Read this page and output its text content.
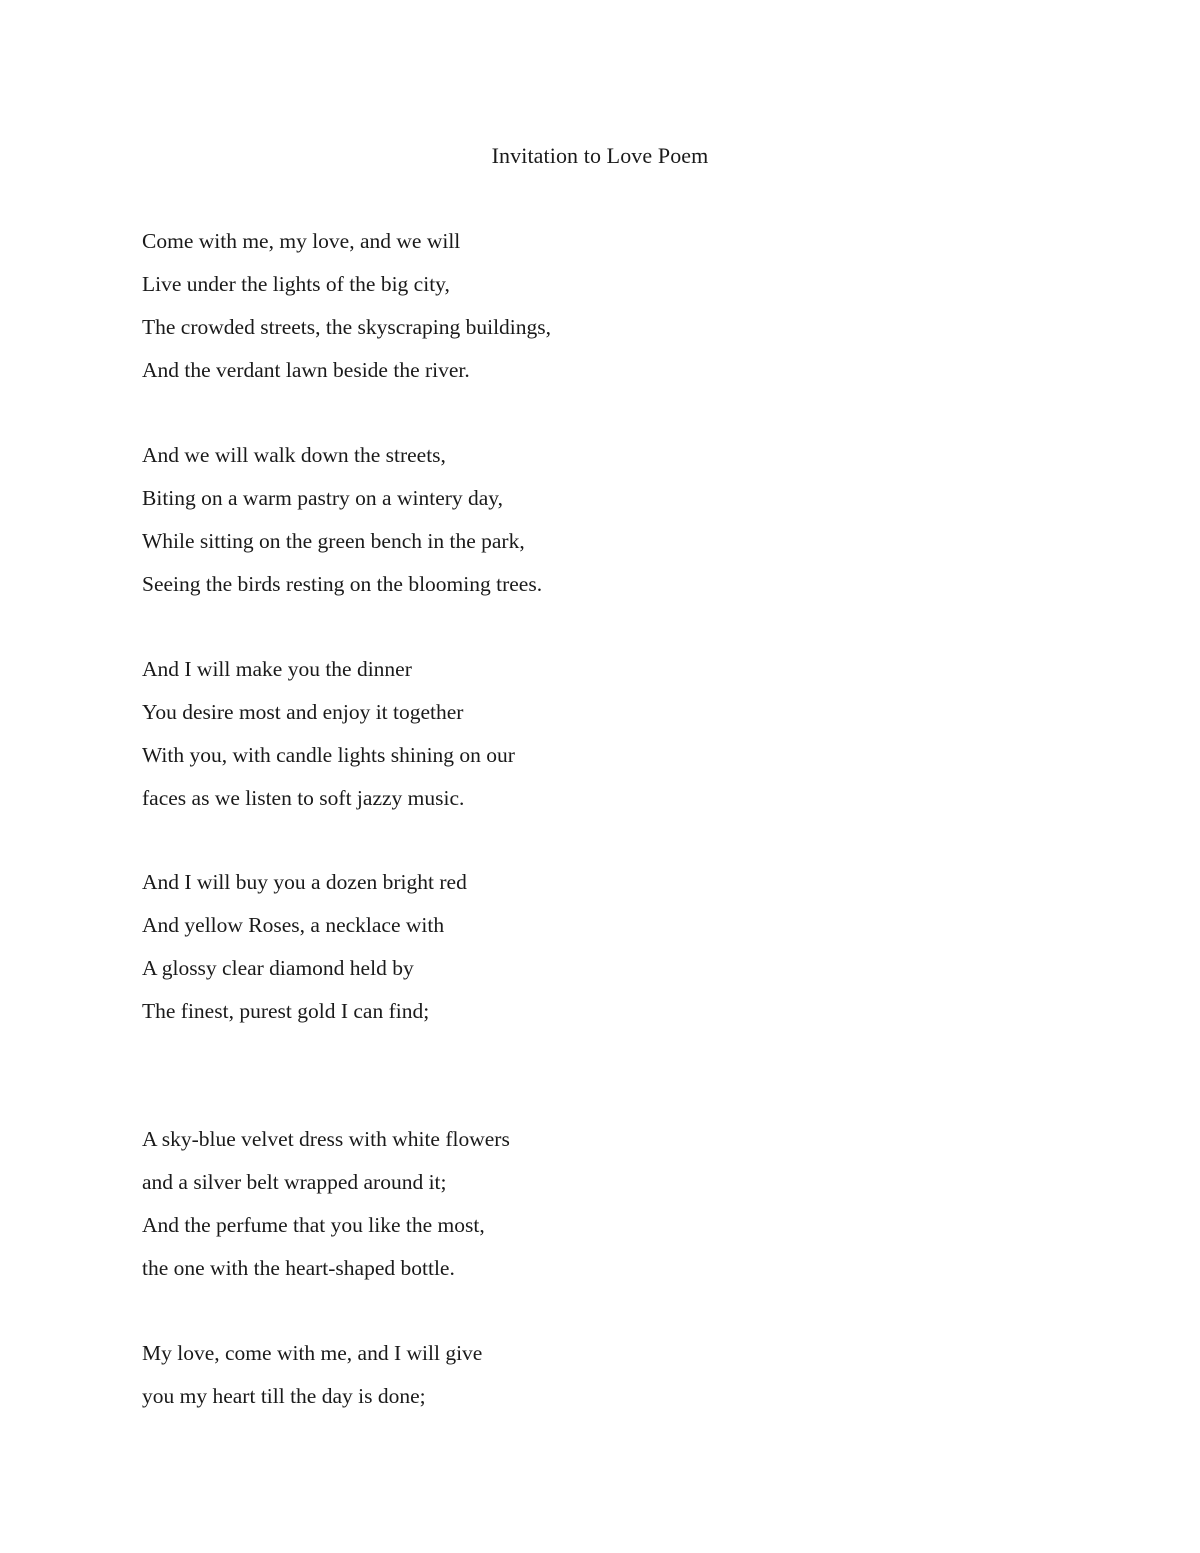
Invitation to Love Poem
Come with me, my love, and we will
Live under the lights of the big city,
The crowded streets, the skyscraping buildings,
And the verdant lawn beside the river.
And we will walk down the streets,
Biting on a warm pastry on a wintery day,
While sitting on the green bench in the park,
Seeing the birds resting on the blooming trees.
And I will make you the dinner
You desire most and enjoy it together
With you, with candle lights shining on our
faces as we listen to soft jazzy music.
And I will buy you a dozen bright red
And yellow Roses, a necklace with
A glossy clear diamond held by
The finest, purest gold I can find;
A sky-blue velvet dress with white flowers
and a silver belt wrapped around it;
And the perfume that you like the most,
the one with the heart-shaped bottle.
My love, come with me, and I will give
you my heart till the day is done;
